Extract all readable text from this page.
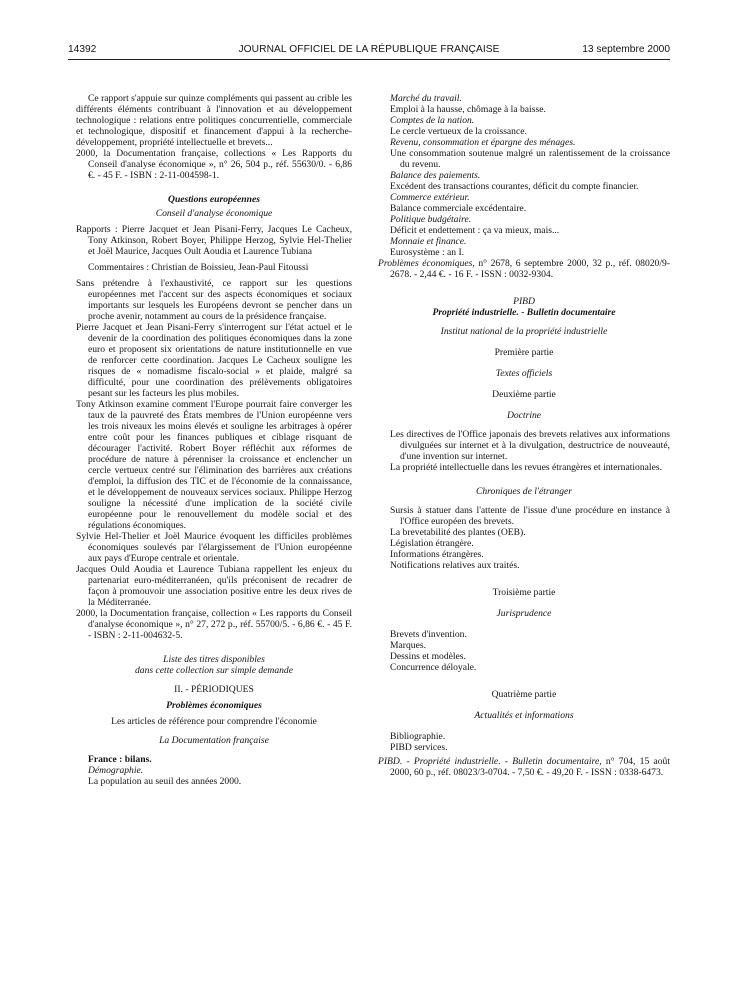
14392	JOURNAL OFFICIEL DE LA RÉPUBLIQUE FRANÇAISE	13 septembre 2000

Ce rapport s'appuie sur quinze compléments qui passent au crible les différents éléments contribuant à l'innovation et au développement technologique : relations entre politiques concurrentielle, commerciale et technologique, dispositif et financement d'appui à la recherche-développement, propriété intellectuelle et brevets...

2000, la Documentation française, collections « Les Rapports du Conseil d'analyse économique », n° 26, 504 p., réf. 55630/0. - 6,86 €. - 45 F. - ISBN : 2-11-004598-1.

Questions européennes

Conseil d'analyse économique

Rapports : Pierre Jacquet et Jean Pisani-Ferry, Jacques Le Cacheux, Tony Atkinson, Robert Boyer, Philippe Herzog, Sylvie Hel-Thelier et Joël Maurice, Jacques Oult Aoudia et Laurence Tubiana

Commentaires : Christian de Boissieu, Jean-Paul Fitoussi

Sans prétendre à l'exhaustivité, ce rapport sur les questions européennes met l'accent sur des aspects économiques et sociaux importants sur lesquels les Européens devront se pencher dans un proche avenir, notamment au cours de la présidence française.

Pierre Jacquet et Jean Pisani-Ferry s'interrogent sur l'état actuel et le devenir de la coordination des politiques économiques dans la zone euro et proposent six orientations de nature institutionnelle en vue de renforcer cette coordination. Jacques Le Cacheux souligne les risques de « nomadisme fiscalo-social » et plaide, malgré sa difficulté, pour une coordination des prélèvements obligatoires pesant sur les facteurs les plus mobiles.

Tony Atkinson examine comment l'Europe pourrait faire converger les taux de la pauvreté des États membres de l'Union européenne vers les trois niveaux les moins élevés et souligne les arbitrages à opérer entre coût pour les finances publiques et ciblage risquant de décourager l'activité. Robert Boyer réfléchit aux réformes de procédure de nature à pérenniser la croissance et enclencher un cercle vertueux centré sur l'élimination des barrières aux créations d'emploi, la diffusion des TIC et de l'économie de la connaissance, et le développement de nouveaux services sociaux. Philippe Herzog souligne la nécessité d'une implication de la société civile européenne pour le renouvellement du modèle social et des régulations économiques.

Sylvie Hel-Thelier et Joël Maurice évoquent les difficiles problèmes économiques soulevés par l'élargissement de l'Union européenne aux pays d'Europe centrale et orientale.

Jacques Ould Aoudia et Laurence Tubiana rappellent les enjeux du partenariat euro-méditerranéen, qu'ils préconisent de recadrer de façon à promouvoir une association positive entre les deux rives de la Méditerranée.

2000, la Documentation française, collection « Les rapports du Conseil d'analyse économique », n° 27, 272 p., réf. 55700/5. - 6,86 €. - 45 F. - ISBN : 2-11-004632-5.

Liste des titres disponibles

dans cette collection sur simple demande

II. - PÉRIODIQUES

Problèmes économiques

Les articles de référence pour comprendre l'économie

La Documentation française

France : bilans.

Démographie.

La population au seuil des années 2000.

Marché du travail.

Emploi à la hausse, chômage à la baisse.

Comptes de la nation.

Le cercle vertueux de la croissance.

Revenu, consommation et épargne des ménages.

Une consommation soutenue malgré un ralentissement de la croissance du revenu.

Balance des paiements.

Excédent des transactions courantes, déficit du compte financier.

Commerce extérieur.

Balance commerciale excédentaire.

Politique budgétaire.

Déficit et endettement : ça va mieux, mais...

Monnaie et finance.

Eurosystème : an I.

Problèmes économiques, n° 2678, 6 septembre 2000, 32 p., réf. 08020/9-2678. - 2,44 €. - 16 F. - ISSN : 0032-9304.

PIBD

Propriété industrielle. - Bulletin documentaire

Institut national de la propriété industrielle

Première partie

Textes officiels

Deuxième partie

Doctrine

Les directives de l'Office japonais des brevets relatives aux informations divulguées sur internet et à la divulgation, destructrice de nouveauté, d'une invention sur internet.

La propriété intellectuelle dans les revues étrangères et internationales.

Chroniques de l'étranger

Sursis à statuer dans l'attente de l'issue d'une procédure en instance à l'Office européen des brevets.

La brevetabilité des plantes (OEB).

Législation étrangère.

Informations étrangères.

Notifications relatives aux traités.

Troisième partie

Jurisprudence

Brevets d'invention.

Marques.

Dessins et modèles.

Concurrence déloyale.

Quatrième partie

Actualités et informations

Bibliographie.

PIBD services.

PIBD. - Propriété industrielle. - Bulletin documentaire, n° 704, 15 août 2000, 60 p., réf. 08023/3-0704. - 7,50 €. - 49,20 F. - ISSN : 0338-6473.
